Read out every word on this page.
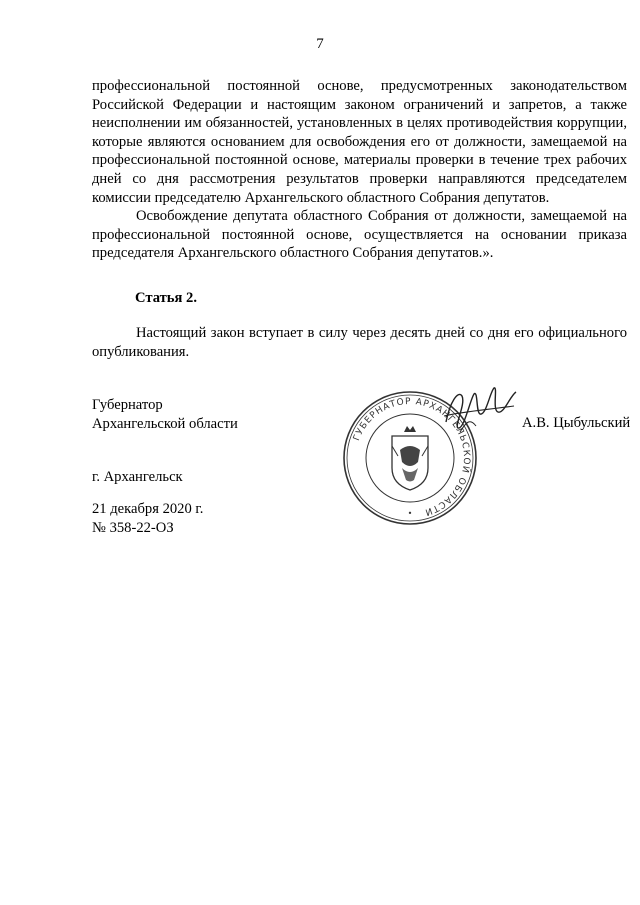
7

профессиональной постоянной основе, предусмотренных законодательством Российской Федерации и настоящим законом ограничений и запретов, а также неисполнении им обязанностей, установленных в целях противодействия коррупции, которые являются основанием для освобождения его от должности, замещаемой на профессиональной постоянной основе, материалы проверки в течение трех рабочих дней со дня рассмотрения результатов проверки направляются председателем комиссии председателю Архангельского областного Собрания депутатов.

Освобождение депутата областного Собрания от должности, замещаемой на профессиональной постоянной основе, осуществляется на основании приказа председателя Архангельского областного Собрания депутатов.».

Статья 2.

Настоящий закон вступает в силу через десять дней со дня его официального опубликования.

Губернатор
Архангельской области
ГУБЕРНАТОР АРХАНГЕЛЬСКОЙ ОБЛАСТИ
•
А.В. Цыбульский
г. Архангельск
21 декабря 2020 г.
№ 358-22-ОЗ
